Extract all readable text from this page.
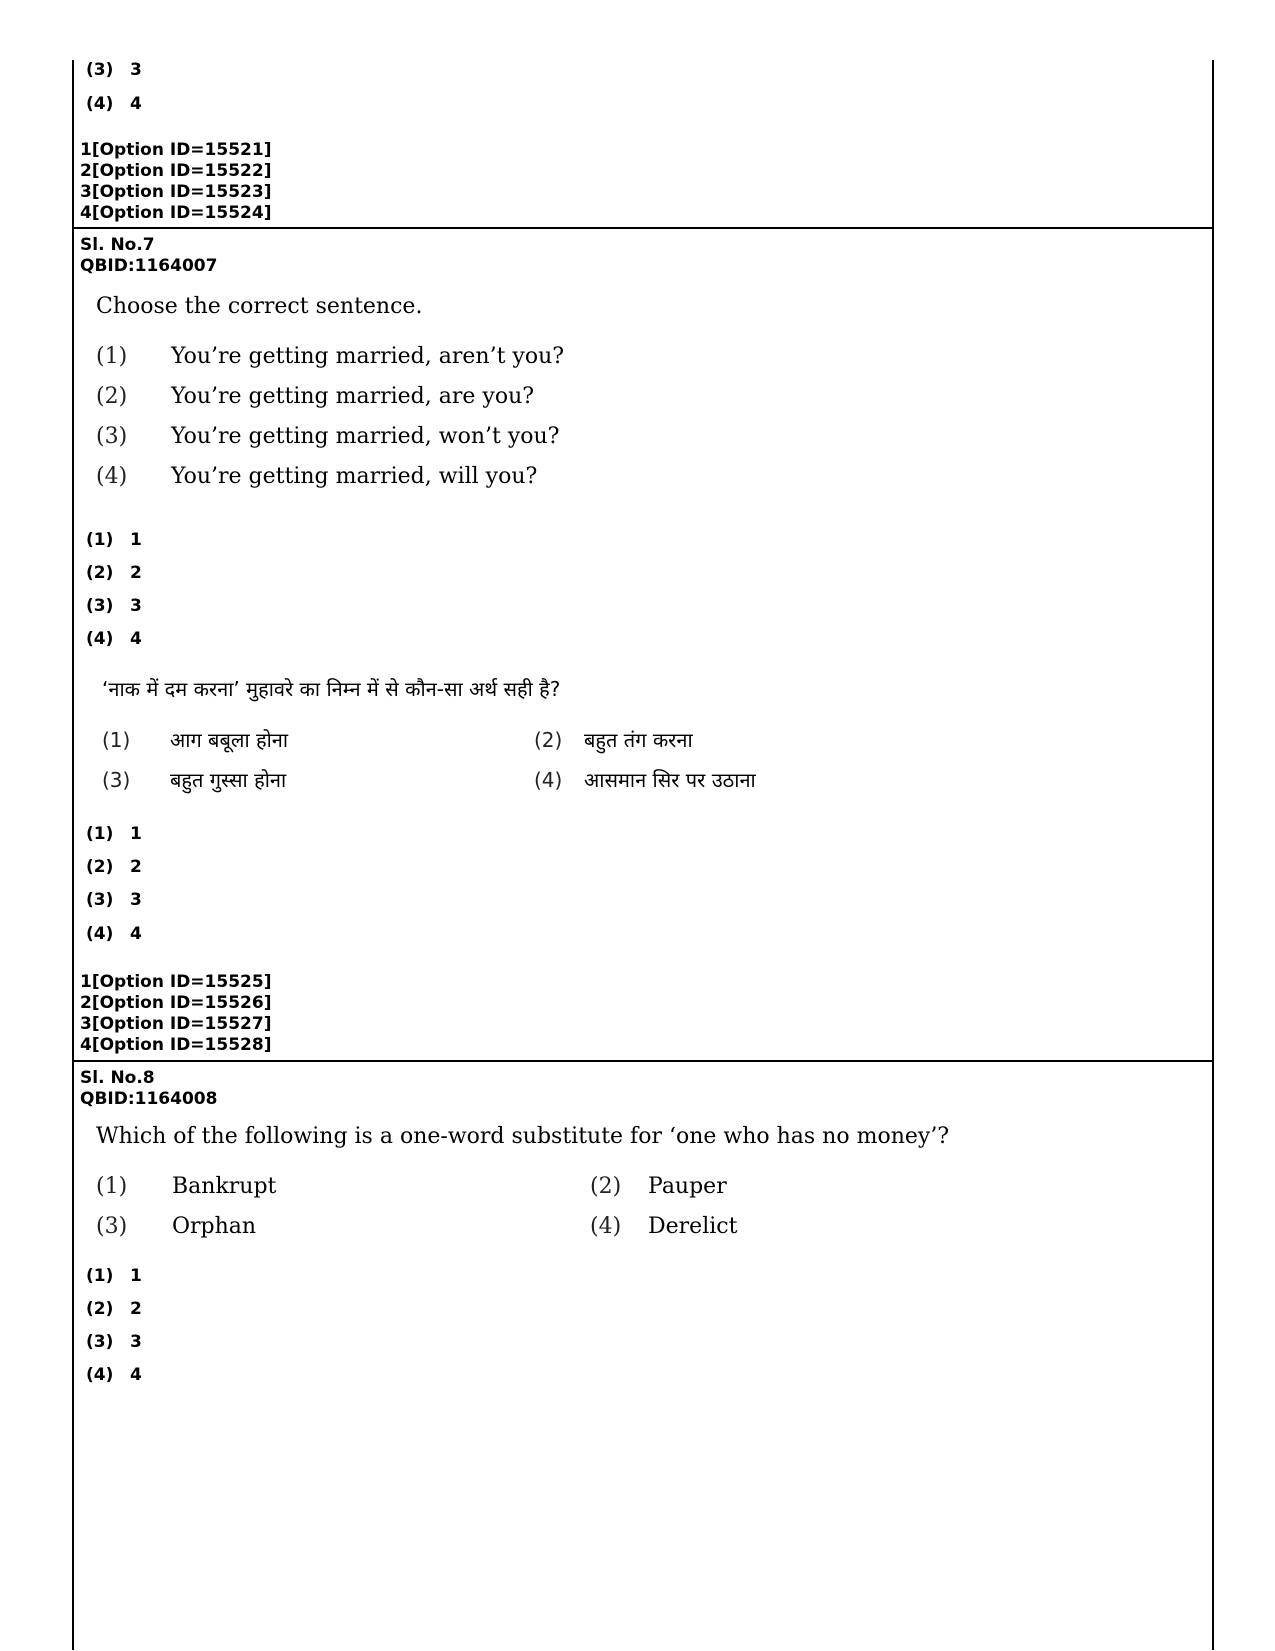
(3) 3
(4) 4
1[Option ID=15521]
2[Option ID=15522]
3[Option ID=15523]
4[Option ID=15524]
Sl. No.7
QBID:1164007
Choose the correct sentence.
(1) You’re getting married, aren’t you?
(2) You’re getting married, are you?
(3) You’re getting married, won’t you?
(4) You’re getting married, will you?
(1) 1
(2) 2
(3) 3
(4) 4
‘नाक में दम करना’ मुहावरे का निम्न में से कौन-सा अर्थ सही है?
(1) आग बबूला होना	(2) बहुत तंग करना
(3) बहुत गुस्सा होना	(4) आसमान सिर पर उठाना
(1) 1
(2) 2
(3) 3
(4) 4
1[Option ID=15525]
2[Option ID=15526]
3[Option ID=15527]
4[Option ID=15528]
Sl. No.8
QBID:1164008
Which of the following is a one-word substitute for ‘one who has no money’?
(1) Bankrupt	(2) Pauper
(3) Orphan	(4) Derelict
(1) 1
(2) 2
(3) 3
(4) 4
